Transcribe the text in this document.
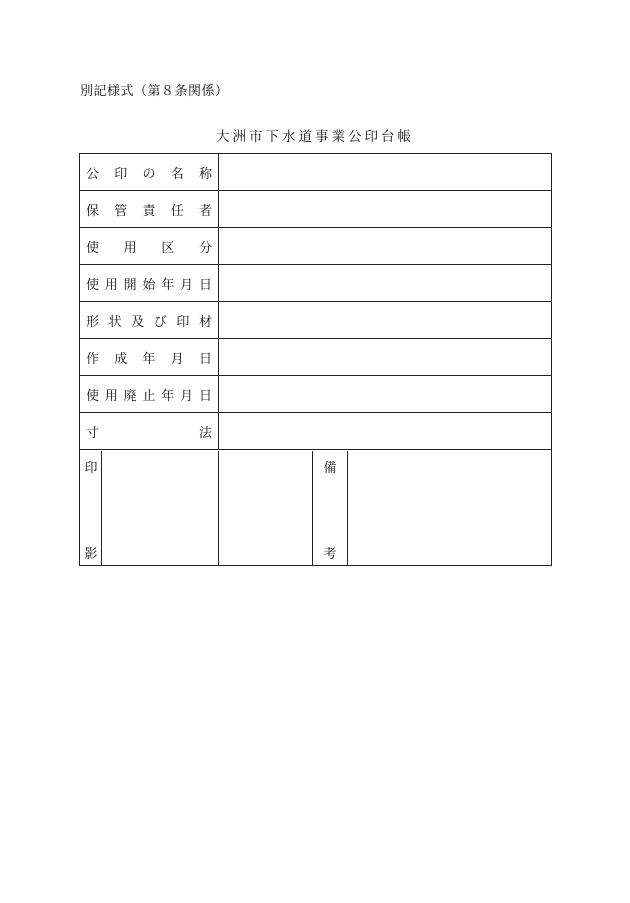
別記様式（第８条関係）
大洲市下水道事業公印台帳
公 印 の 名 称
保 管 責 任 者
使 用 区 分
使 用 開 始 年 月 日
形 状 及 び 印 材
作 成 年 月 日
使 用 廃 止 年 月 日
寸	法
印
影
備
考
